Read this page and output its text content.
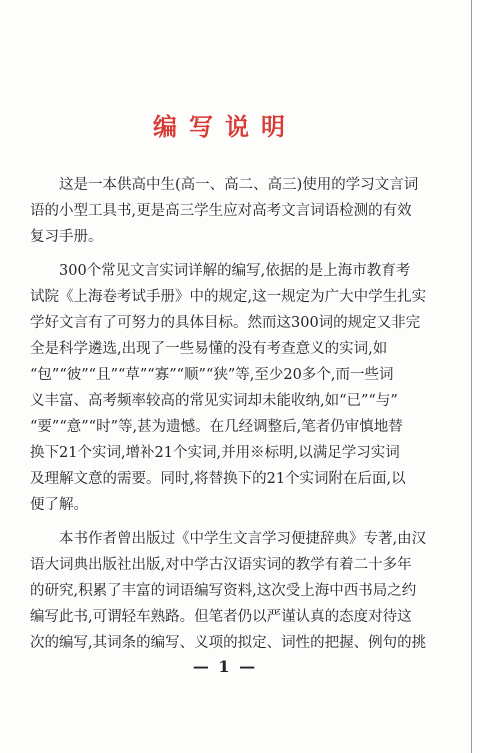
编写说明
这是一本供高中生(高一、高二、高三)使用的学习文言词
语的小型工具书,更是高三学生应对高考文言词语检测的有效
复习手册。
300个常见文言实词详解的编写,依据的是上海市教育考
试院《上海卷考试手册》中的规定,这一规定为广大中学生扎实
学好文言有了可努力的具体目标。然而这300词的规定又非完
全是科学遴选,出现了一些易懂的没有考查意义的实词,如
“包”“彼”“且”“草”“寡”“顺”“狭”等,至少20多个,而一些词
义丰富、高考频率较高的常见实词却未能收纳,如“已”“与”
“要”“意”“时”等,甚为遗憾。在几经调整后,笔者仍审慎地替
换下21个实词,增补21个实词,并用※标明,以满足学习实词
及理解文意的需要。同时,将替换下的21个实词附在后面,以
便了解。
本书作者曾出版过《中学生文言学习便捷辞典》专著,由汉
语大词典出版社出版,对中学古汉语实词的教学有着二十多年
的研究,积累了丰富的词语编写资料,这次受上海中西书局之约
编写此书,可谓轻车熟路。但笔者仍以严谨认真的态度对待这
次的编写,其词条的编写、义项的拟定、词性的把握、例句的挑
— 1 —
